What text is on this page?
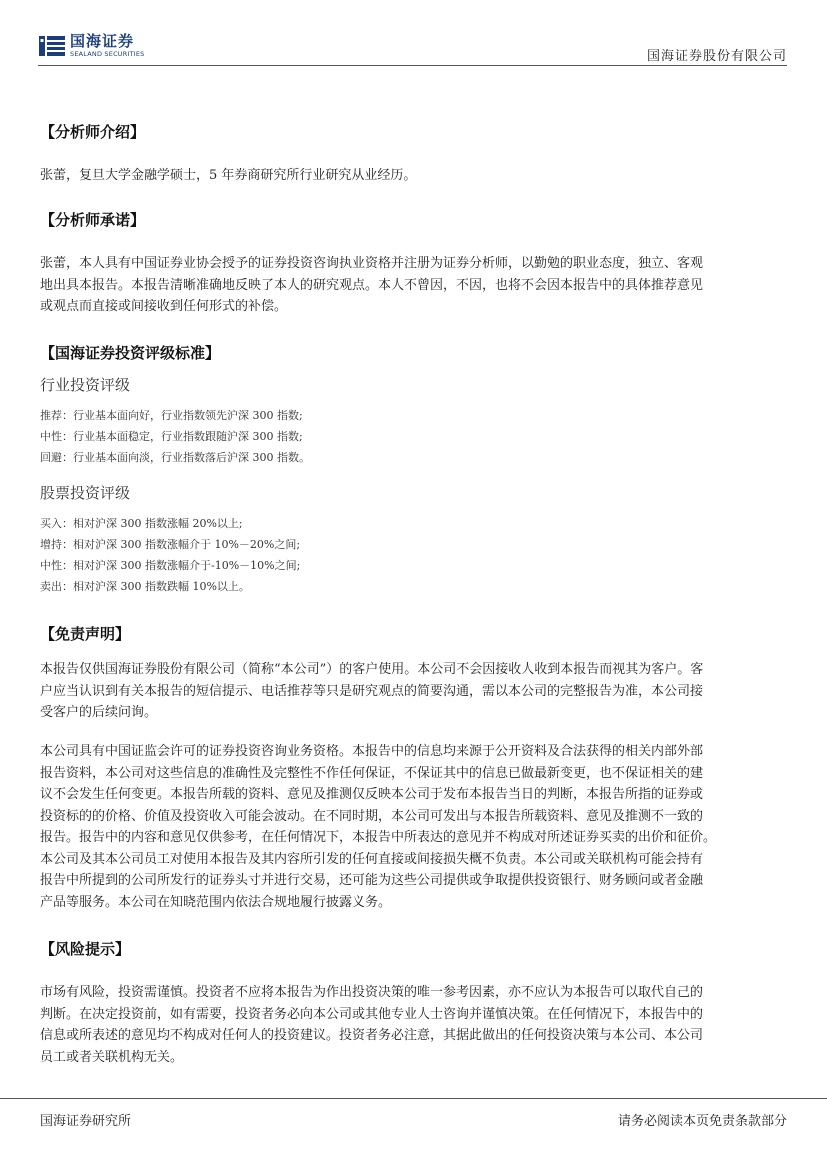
国海证券
SEALAND SECURITIES	国海证券股份有限公司
【分析师介绍】
张蕾，复旦大学金融学硕士，5 年券商研究所行业研究从业经历。
【分析师承诺】
张蕾，本人具有中国证券业协会授予的证券投资咨询执业资格并注册为证券分析师，以勤勉的职业态度，独立、客观
地出具本报告。本报告清晰准确地反映了本人的研究观点。本人不曾因，不因，也将不会因本报告中的具体推荐意见
或观点而直接或间接收到任何形式的补偿。
【国海证券投资评级标准】
行业投资评级
推荐：行业基本面向好，行业指数领先沪深 300 指数;
中性：行业基本面稳定，行业指数跟随沪深 300 指数;
回避：行业基本面向淡，行业指数落后沪深 300 指数。
股票投资评级
买入：相对沪深 300 指数涨幅 20%以上;
增持：相对沪深 300 指数涨幅介于 10%－20%之间;
中性：相对沪深 300 指数涨幅介于-10%－10%之间;
卖出：相对沪深 300 指数跌幅 10%以上。
【免责声明】
本报告仅供国海证券股份有限公司（简称“本公司”）的客户使用。本公司不会因接收人收到本报告而视其为客户。客
户应当认识到有关本报告的短信提示、电话推荐等只是研究观点的简要沟通，需以本公司的完整报告为准，本公司接
受客户的后续问询。
本公司具有中国证监会许可的证券投资咨询业务资格。本报告中的信息均来源于公开资料及合法获得的相关内部外部
报告资料，本公司对这些信息的准确性及完整性不作任何保证，不保证其中的信息已做最新变更，也不保证相关的建
议不会发生任何变更。本报告所载的资料、意见及推测仅反映本公司于发布本报告当日的判断，本报告所指的证券或
投资标的的价格、价值及投资收入可能会波动。在不同时期，本公司可发出与本报告所载资料、意见及推测不一致的
报告。报告中的内容和意见仅供参考，在任何情况下，本报告中所表达的意见并不构成对所述证券买卖的出价和征价。
本公司及其本公司员工对使用本报告及其内容所引发的任何直接或间接损失概不负责。本公司或关联机构可能会持有
报告中所提到的公司所发行的证券头寸并进行交易，还可能为这些公司提供或争取提供投资银行、财务顾问或者金融
产品等服务。本公司在知晓范围内依法合规地履行披露义务。
【风险提示】
市场有风险，投资需谨慎。投资者不应将本报告为作出投资决策的唯一参考因素，亦不应认为本报告可以取代自己的
判断。在决定投资前，如有需要，投资者务必向本公司或其他专业人士咨询并谨慎决策。在任何情况下，本报告中的
信息或所表述的意见均不构成对任何人的投资建议。投资者务必注意，其据此做出的任何投资决策与本公司、本公司
员工或者关联机构无关。
国海证券研究所	请务必阅读本页免责条款部分
